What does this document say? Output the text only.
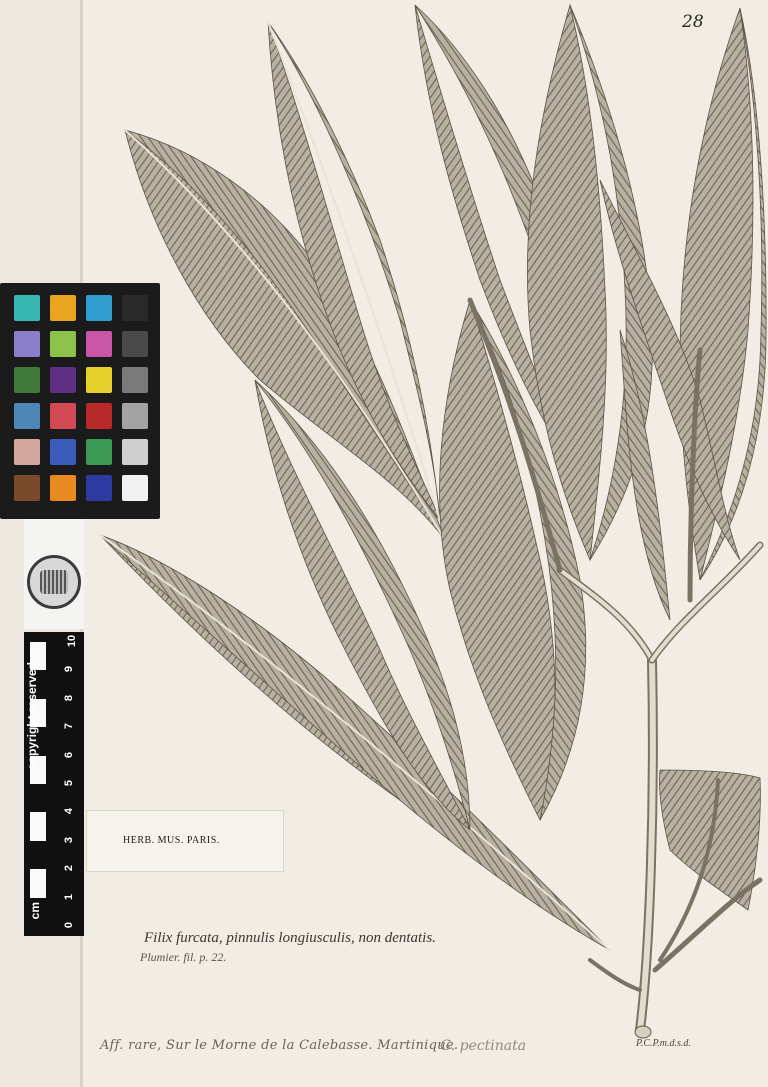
28
0
1
2
3
4
5
6
7
8
9
10
copyright reserved
cm
HERB. MUS. PARIS.
Filix furcata, pinnulis longiusculis, non dentatis.
Plumier. fil. p. 22.
Aff. rare, Sur le Morne de la Calebasse. Martinique.
G. pectinata	P.C.P.m.d.s.d.
